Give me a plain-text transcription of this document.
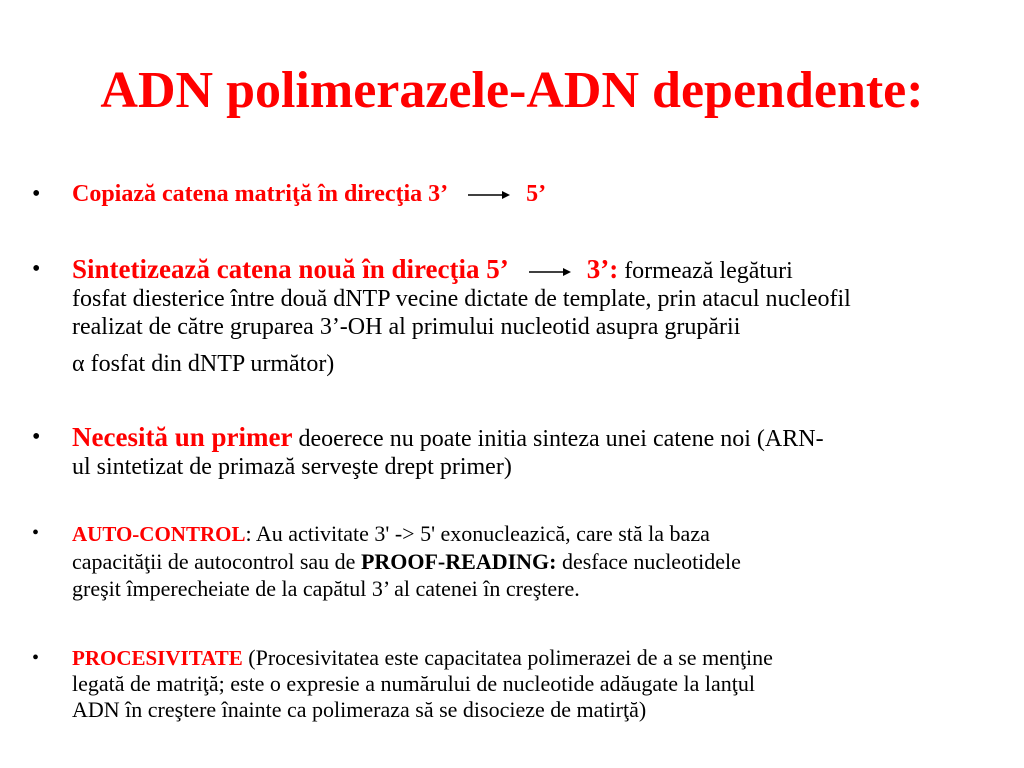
ADN polimerazele-ADN dependente:
• Copiază catena matriţă în direcţia 3’	5’
• Sintetizează catena nouă în direcţia 5’	3’: formează legături
fosfat diesterice între două dNTP vecine dictate de template, prin atacul nucleofil
realizat de către gruparea 3’-OH al primului nucleotid asupra grupării
α fosfat din dNTP următor)
• Necesită un primer deoerece nu poate initia sinteza unei catene noi (ARN-
ul sintetizat de primază serveşte drept primer)
• AUTO-CONTROL: Au activitate 3' -> 5' exonucleazică, care stă la baza
capacităţii de autocontrol sau de PROOF-READING: desface nucleotidele
greşit împerecheiate de la capătul 3’ al catenei în creştere.
• PROCESIVITATE (Procesivitatea este capacitatea polimerazei de a se menţine
legată de matriţă; este o expresie a numărului de nucleotide adăugate la lanţul
ADN în creştere înainte ca polimeraza să se disocieze de matirţă)
